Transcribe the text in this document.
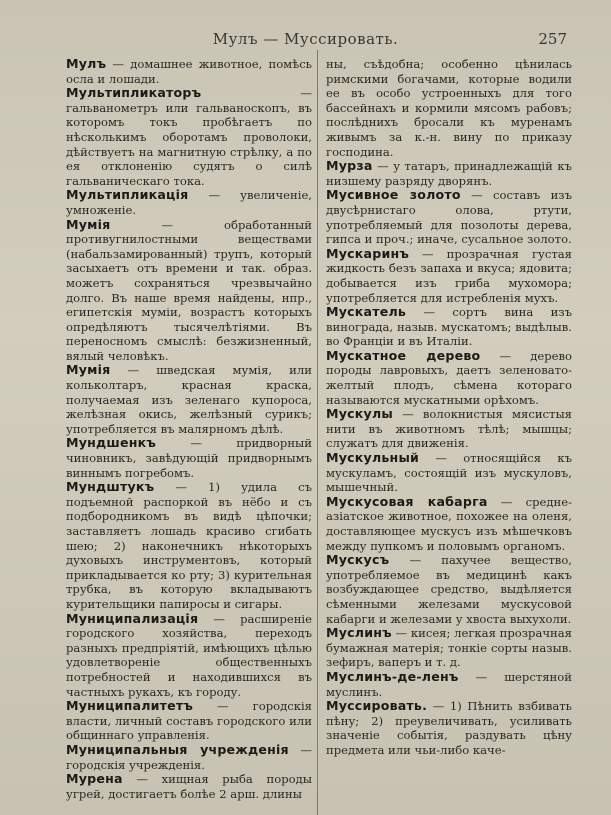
Мулъ — Муссировать.	257
Мулъ — домашнее животное, помѣсь осла и лошади.
Мультипликаторъ — гальванометръ или гальваноскопъ, въ которомъ токъ пробѣгаетъ по нѣсколькимъ оборотамъ проволоки, дѣйствуетъ на магнитную стрѣлку, а по ея отклоненію судятъ о силѣ гальваническаго тока.
Мультипликація — увеличеніе, умноженіе.
Мумія — обработанный противугнилостными веществами (набальзамированный) трупъ, который засыхаетъ отъ времени и так. образ. можетъ сохраняться чрезвычайно долго. Въ наше время найдены, нпр., египетскія муміи, возрастъ которыхъ опредѣляютъ тысячелѣтіями. Въ переносномъ смыслѣ: безжизненный, вялый человѣкъ.
Мумія — шведская мумія, или кольколтаръ, красная краска, получаемая изъ зеленаго купороса, желѣзная окись, желѣзный сурикъ; употребляется въ малярномъ дѣлѣ.
Мундшенкъ — придворный чиновникъ, завѣдующій придворнымъ виннымъ погребомъ.
Мундштукъ — 1) удила съ подъемной распоркой въ нёбо и съ подбородникомъ въ видѣ цѣпочки; заставляетъ лошадь красиво сгибать шею; 2) наконечникъ нѣкоторыхъ духовыхъ инструментовъ, который прикладывается ко рту; 3) курительная трубка, въ которую вкладываютъ курительщики папиросы и сигары.
Муниципализація — расширеніе городского хозяйства, переходъ разныхъ предпріятій, имѣющихъ цѣлью удовлетвореніе общественныхъ потребностей и находившихся въ частныхъ рукахъ, къ городу.
Муниципалитетъ — городскія власти, личный составъ городского или общиннаго управленія.
Муниципальныя учрежденія — городскія учрежденія.
Мурена — хищная рыба породы угрей, достигаетъ болѣе 2 арш. длины
ны, съѣдобна; особенно цѣнилась римскими богачами, которые водили ее въ особо устроенныхъ для того бассейнахъ и кормили мясомъ рабовъ; послѣднихъ бросали къ муренамъ живымъ за к.-н. вину по приказу господина.
Мурза — у татаръ, принадлежащій къ низшему разряду дворянъ.
Мусивное золото — составъ изъ двусѣрнистаго олова, ртути, употребляемый для позолоты дерева, гипса и проч.; иначе, сусальное золото.
Мускаринъ — прозрачная густая жидкость безъ запаха и вкуса; ядовита; добывается изъ гриба мухомора; употребляется для истребленія мухъ.
Мускатель — сортъ вина изъ винограда, назыв. мускатомъ; выдѣлыв. во Франціи и въ Италіи.
Мускатное дерево — дерево породы лавровыхъ, даетъ зеленовато-желтый плодъ, сѣмена котораго называются мускатными орѣхомъ.
Мускулы — волокнистыя мясистыя нити въ животномъ тѣлѣ; мышцы; служатъ для движенія.
Мускульный — относящійся къ мускуламъ, состоящій изъ мускуловъ, мышечный.
Мускусовая кабарга — средне-азіатское животное, похожее на оленя, доставляющее мускусъ изъ мѣшечковъ между пупкомъ и половымъ органомъ.
Мускусъ — пахучее вещество, употребляемое въ медицинѣ какъ возбуждающее средство, выдѣляется сѣменными железами мускусовой кабарги и железами у хвоста выхухоли.
Муслинъ — кисея; легкая прозрачная бумажная матерія; тонкіе сорты назыв. зефиръ, ваперъ и т. д.
Муслинъ-де-ленъ — шерстяной муслинъ.
Муссировать. — 1) Пѣнить взбивать пѣну; 2) преувеличивать, усиливать значеніе событія, раздувать цѣну предмета или чьи-либо каче-
